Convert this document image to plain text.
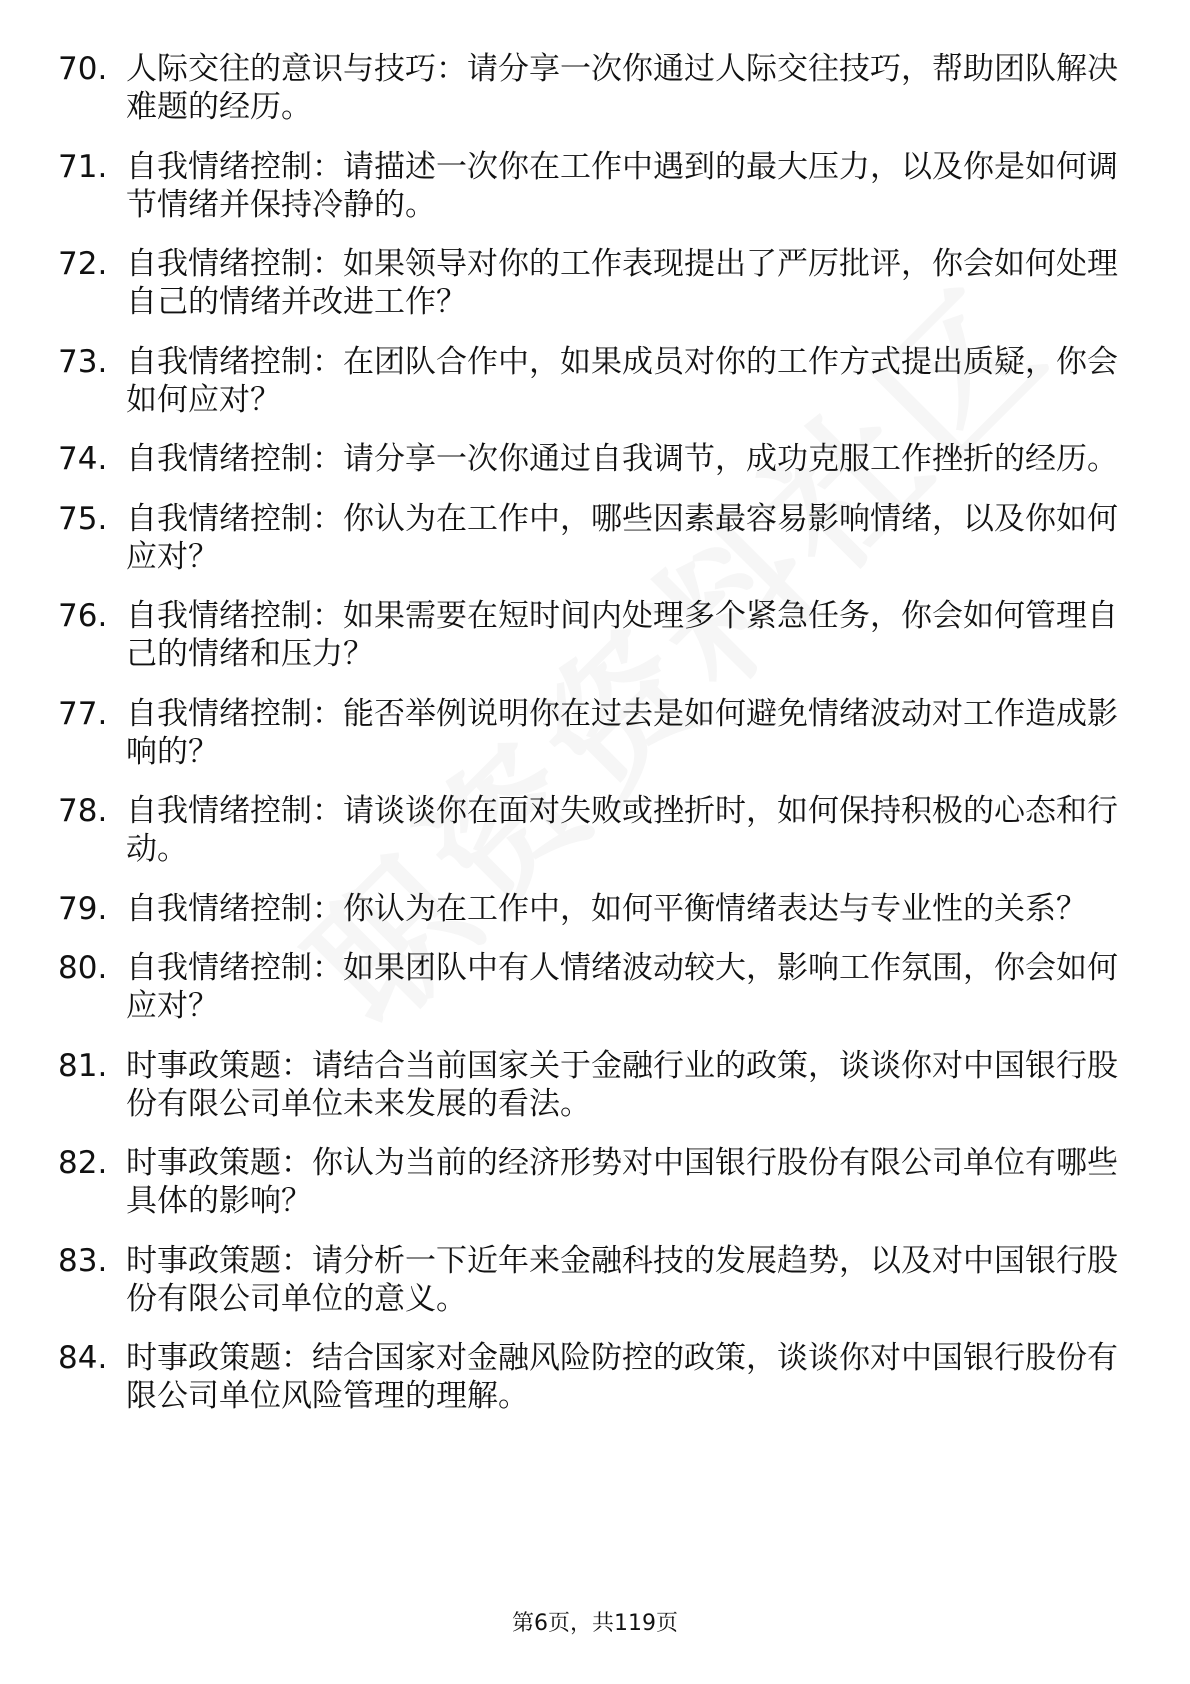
70. 人际交往的意识与技巧：请分享一次你通过人际交往技巧，帮助团队解决难题的经历。
71. 自我情绪控制：请描述一次你在工作中遇到的最大压力，以及你是如何调节情绪并保持冷静的。
72. 自我情绪控制：如果领导对你的工作表现提出了严厉批评，你会如何处理自己的情绪并改进工作？
73. 自我情绪控制：在团队合作中，如果成员对你的工作方式提出质疑，你会如何应对？
74. 自我情绪控制：请分享一次你通过自我调节，成功克服工作挫折的经历。
75. 自我情绪控制：你认为在工作中，哪些因素最容易影响情绪，以及你如何应对？
76. 自我情绪控制：如果需要在短时间内处理多个紧急任务，你会如何管理自己的情绪和压力？
77. 自我情绪控制：能否举例说明你在过去是如何避免情绪波动对工作造成影响的？
78. 自我情绪控制：请谈谈你在面对失败或挫折时，如何保持积极的心态和行动。
79. 自我情绪控制：你认为在工作中，如何平衡情绪表达与专业性的关系？
80. 自我情绪控制：如果团队中有人情绪波动较大，影响工作氛围，你会如何应对？
81. 时事政策题：请结合当前国家关于金融行业的政策，谈谈你对中国银行股份有限公司单位未来发展的看法。
82. 时事政策题：你认为当前的经济形势对中国银行股份有限公司单位有哪些具体的影响？
83. 时事政策题：请分析一下近年来金融科技的发展趋势，以及对中国银行股份有限公司单位的意义。
84. 时事政策题：结合国家对金融风险防控的政策，谈谈你对中国银行股份有限公司单位风险管理的理解。
第6页，共119页
